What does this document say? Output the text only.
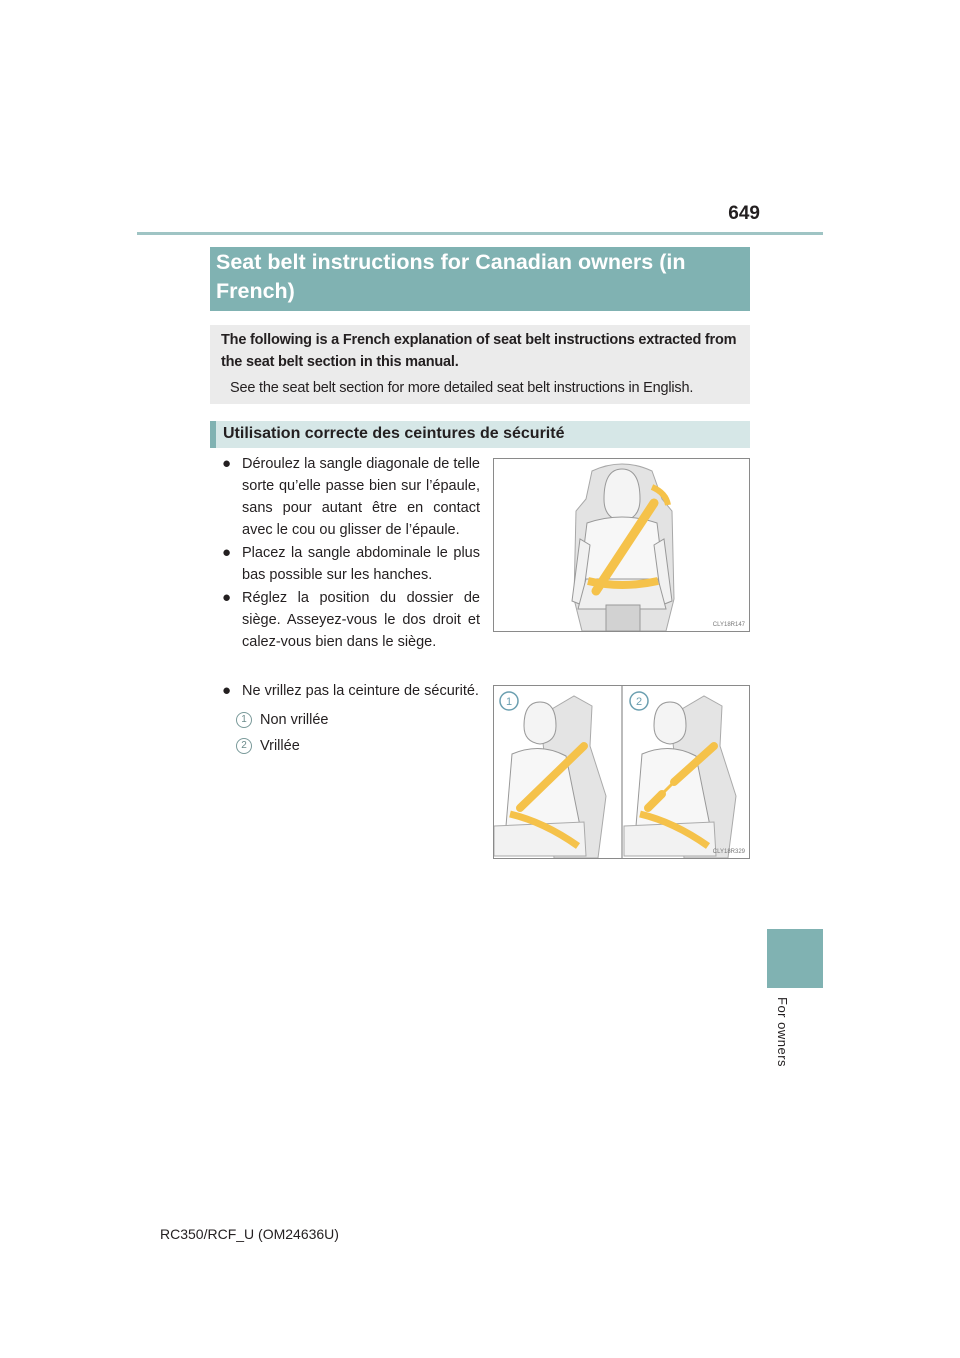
649
Seat belt instructions for Canadian owners (in French)
The following is a French explanation of seat belt instructions extracted from the seat belt section in this manual.
See the seat belt section for more detailed seat belt instructions in English.
Utilisation correcte des ceintures de sécurité
● Déroulez la sangle diagonale de telle sorte qu’elle passe bien sur l’épaule, sans pour autant être en contact avec le cou ou glisser de l’épaule.
● Placez la sangle abdominale le plus bas possible sur les hanches.
● Réglez la position du dossier de siège. Asseyez-vous le dos droit et calez-vous bien dans le siège.
● Ne vrillez pas la ceinture de sécurité.
1 Non vrillée
2 Vrillée
CLY18R147
1	2
CLY18R329
For owners
RC350/RCF_U (OM24636U)
